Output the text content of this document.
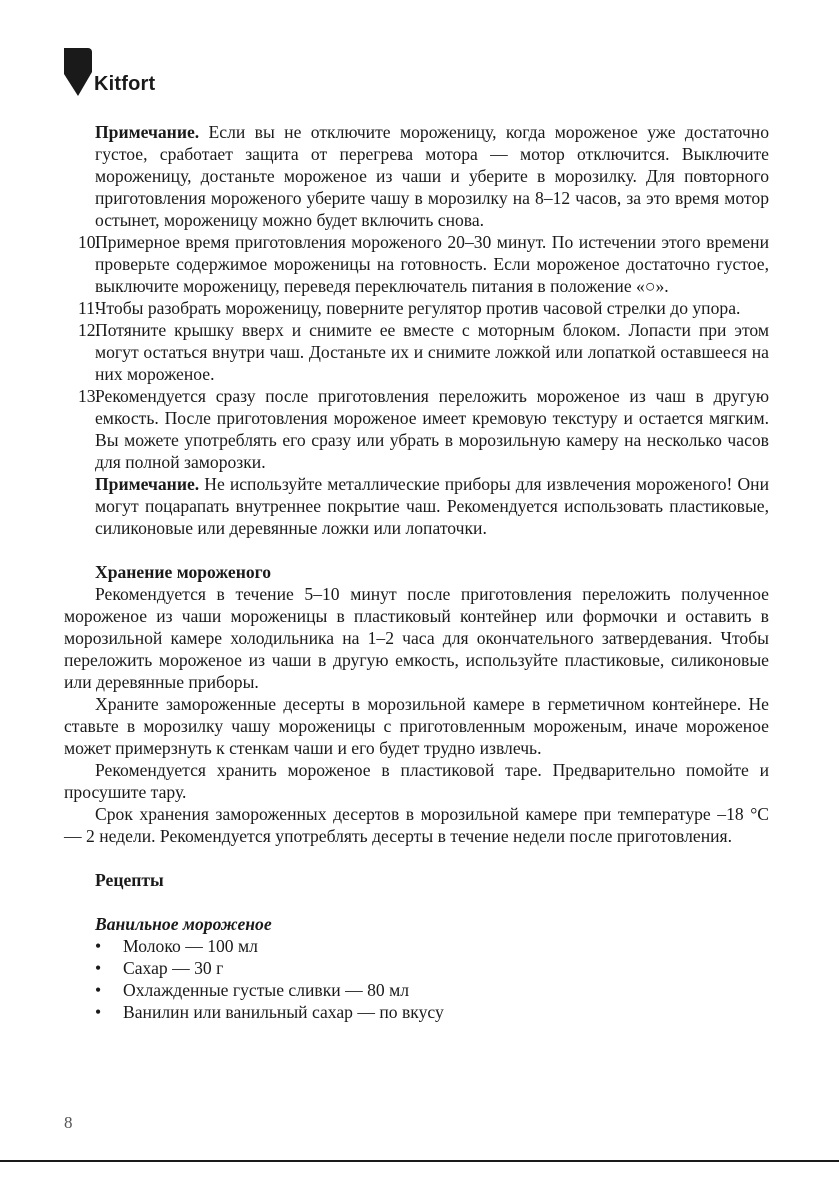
Kitfort
Примечание. Если вы не отключите мороженицу, когда мороженое уже достаточно густое, сработает защита от перегрева мотора — мотор отключится. Выключите мороженицу, достаньте мороженое из чаши и уберите в морозилку. Для повторного приготовления мороженого уберите чашу в морозилку на 8–12 часов, за это время мотор остынет, мороженицу можно будет включить снова.
10.
Примерное время приготовления мороженого 20–30 минут. По истечении этого времени проверьте содержимое мороженицы на готовность. Если мороженое достаточно густое, выключите мороженицу, переведя переключатель питания в положение «○».
11.
Чтобы разобрать мороженицу, поверните регулятор против часовой стрелки до упора.
12.
Потяните крышку вверх и снимите ее вместе с моторным блоком. Лопасти при этом могут остаться внутри чаш. Достаньте их и снимите ложкой или лопаткой оставшееся на них мороженое.
13.
Рекомендуется сразу после приготовления переложить мороженое из чаш в другую емкость. После приготовления мороженое имеет кремовую текстуру и остается мягким. Вы можете употреблять его сразу или убрать в морозильную камеру на несколько часов для полной заморозки.
Примечание. Не используйте металлические приборы для извлечения мороженого! Они могут поцарапать внутреннее покрытие чаш. Рекомендуется использовать пластиковые, силиконовые или деревянные ложки или лопаточки.
Хранение мороженого
Рекомендуется в течение 5–10 минут после приготовления переложить полученное мороженое из чаши мороженицы в пластиковый контейнер или формочки и оставить в морозильной камере холодильника на 1–2 часа для окончательного затвердевания. Чтобы переложить мороженое из чаши в другую емкость, используйте пластиковые, силиконовые или деревянные приборы.
Храните замороженные десерты в морозильной камере в герметичном контейнере. Не ставьте в морозилку чашу мороженицы с приготовленным мороженым, иначе мороженое может примерзнуть к стенкам чаши и его будет трудно извлечь.
Рекомендуется хранить мороженое в пластиковой таре. Предварительно помойте и просушите тару.
Срок хранения замороженных десертов в морозильной камере при температуре –18 °С — 2 недели. Рекомендуется употреблять десерты в течение недели после приготовления.
Рецепты
Ванильное мороженое
• Молоко — 100 мл
• Сахар — 30 г
• Охлажденные густые сливки — 80 мл
• Ванилин или ванильный сахар — по вкусу
8
